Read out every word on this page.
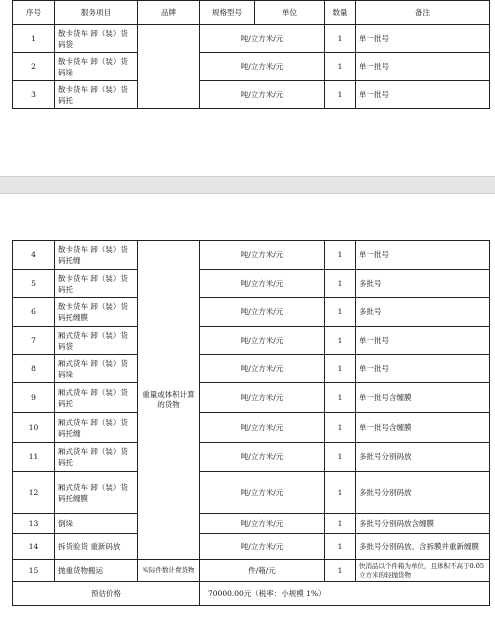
序号	服务项目	品牌	规格型号	单位	数量	备注
1	散卡货车 卸（装）货码袋		吨/立方米/元		1	单一批号
2	散卡货车 卸（装）货码垛		吨/立方米/元		1	单一批号
3	散卡货车 卸（装）货码托		吨/立方米/元		1	单一批号
4	散卡货车 卸（装）货码托缠	重量或体积计算的货物	吨/立方米/元	1	单一批号
5	散卡货车 卸（装）货码托		吨/立方米/元	1	多批号
6	散卡货车 卸（装）货码托缠膜		吨/立方米/元	1	多批号
7	厢式货车 卸（装）货码袋		吨/立方米/元	1	单一批号
8	厢式货车 卸（装）货码垛		吨/立方米/元	1	单一批号
9	厢式货车 卸（装）货码托		吨/立方米/元	1	单一批号含缠膜
10	厢式货车 卸（装）货码托缠		吨/立方米/元	1	单一批号含缠膜
11	厢式货车 卸（装）货码托		吨/立方米/元	1	多批号分别码放
12	厢式货车 卸（装）货码托缠膜		吨/立方米/元	1	多批号分别码放
13	倒垛		吨/立方米/元	1	多批号分别码放含缠膜
14	拆货验货 重新码放		吨/立方米/元	1	多批号分别码放、含拆膜并重新缠膜
15	抛重货物搬运	实际件数计费货物	件/箱/元	1	快消品以个件箱为单位，且体积不高于0.05立方米的轻抛货物
预估价格			70000.00元（税率：小规模 1%）		
